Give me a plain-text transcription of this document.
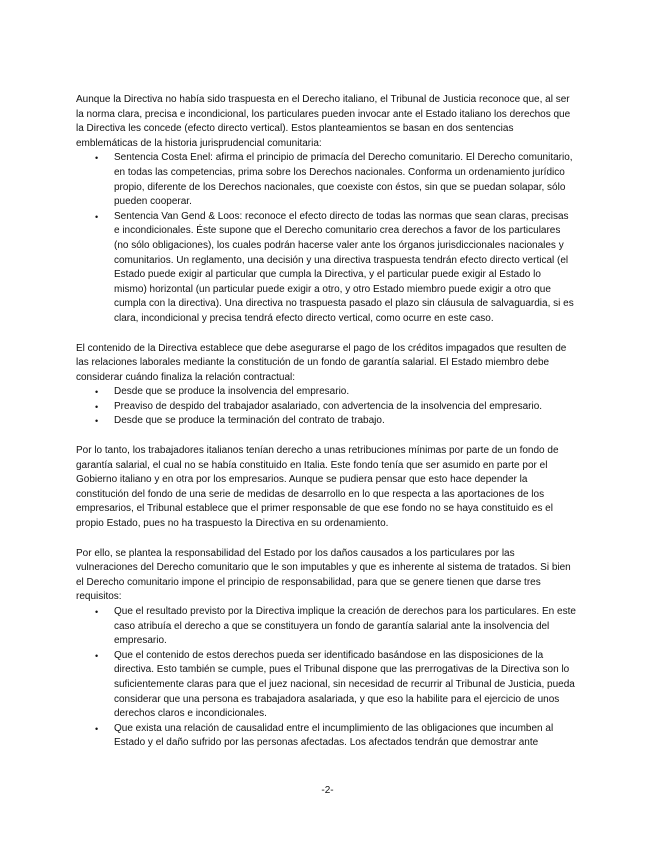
Aunque la Directiva no había sido traspuesta en el Derecho italiano, el Tribunal de Justicia reconoce que, al ser la norma clara, precisa e incondicional, los particulares pueden invocar ante el Estado italiano los derechos que la Directiva les concede (efecto directo vertical). Estos planteamientos se basan en dos sentencias emblemáticas de la historia jurisprudencial comunitaria:

• Sentencia Costa Enel: afirma el principio de primacía del Derecho comunitario. El Derecho comunitario, en todas las competencias, prima sobre los Derechos nacionales. Conforma un ordenamiento jurídico propio, diferente de los Derechos nacionales, que coexiste con éstos, sin que se puedan solapar, sólo pueden cooperar.
• Sentencia Van Gend & Loos: reconoce el efecto directo de todas las normas que sean claras, precisas e incondicionales. Éste supone que el Derecho comunitario crea derechos a favor de los particulares (no sólo obligaciones), los cuales podrán hacerse valer ante los órganos jurisdiccionales nacionales y comunitarios. Un reglamento, una decisión y una directiva traspuesta tendrán efecto directo vertical (el Estado puede exigir al particular que cumpla la Directiva, y el particular puede exigir al Estado lo mismo) horizontal (un particular puede exigir a otro, y otro Estado miembro puede exigir a otro que cumpla con la directiva). Una directiva no traspuesta pasado el plazo sin cláusula de salvaguardia, si es clara, incondicional y precisa tendrá efecto directo vertical, como ocurre en este caso.

El contenido de la Directiva establece que debe asegurarse el pago de los créditos impagados que resulten de las relaciones laborales mediante la constitución de un fondo de garantía salarial. El Estado miembro debe considerar cuándo finaliza la relación contractual:

• Desde que se produce la insolvencia del empresario.
• Preaviso de despido del trabajador asalariado, con advertencia de la insolvencia del empresario.
• Desde que se produce la terminación del contrato de trabajo.

Por lo tanto, los trabajadores italianos tenían derecho a unas retribuciones mínimas por parte de un fondo de garantía salarial, el cual no se había constituido en Italia. Este fondo tenía que ser asumido en parte por el Gobierno italiano y en otra por los empresarios. Aunque se pudiera pensar que esto hace depender la constitución del fondo de una serie de medidas de desarrollo en lo que respecta a las aportaciones de los empresarios, el Tribunal establece que el primer responsable de que ese fondo no se haya constituido es el propio Estado, pues no ha traspuesto la Directiva en su ordenamiento.

Por ello, se plantea la responsabilidad del Estado por los daños causados a los particulares por las vulneraciones del Derecho comunitario que le son imputables y que es inherente al sistema de tratados. Si bien el Derecho comunitario impone el principio de responsabilidad, para que se genere tienen que darse tres requisitos:

• Que el resultado previsto por la Directiva implique la creación de derechos para los particulares. En este caso atribuía el derecho a que se constituyera un fondo de garantía salarial ante la insolvencia del empresario.
• Que el contenido de estos derechos pueda ser identificado basándose en las disposiciones de la directiva. Esto también se cumple, pues el Tribunal dispone que las prerrogativas de la Directiva son lo suficientemente claras para que el juez nacional, sin necesidad de recurrir al Tribunal de Justicia, pueda considerar que una persona es trabajadora asalariada, y que eso la habilite para el ejercicio de unos derechos claros e incondicionales.
• Que exista una relación de causalidad entre el incumplimiento de las obligaciones que incumben al Estado y el daño sufrido por las personas afectadas. Los afectados tendrán que demostrar ante
-2-
